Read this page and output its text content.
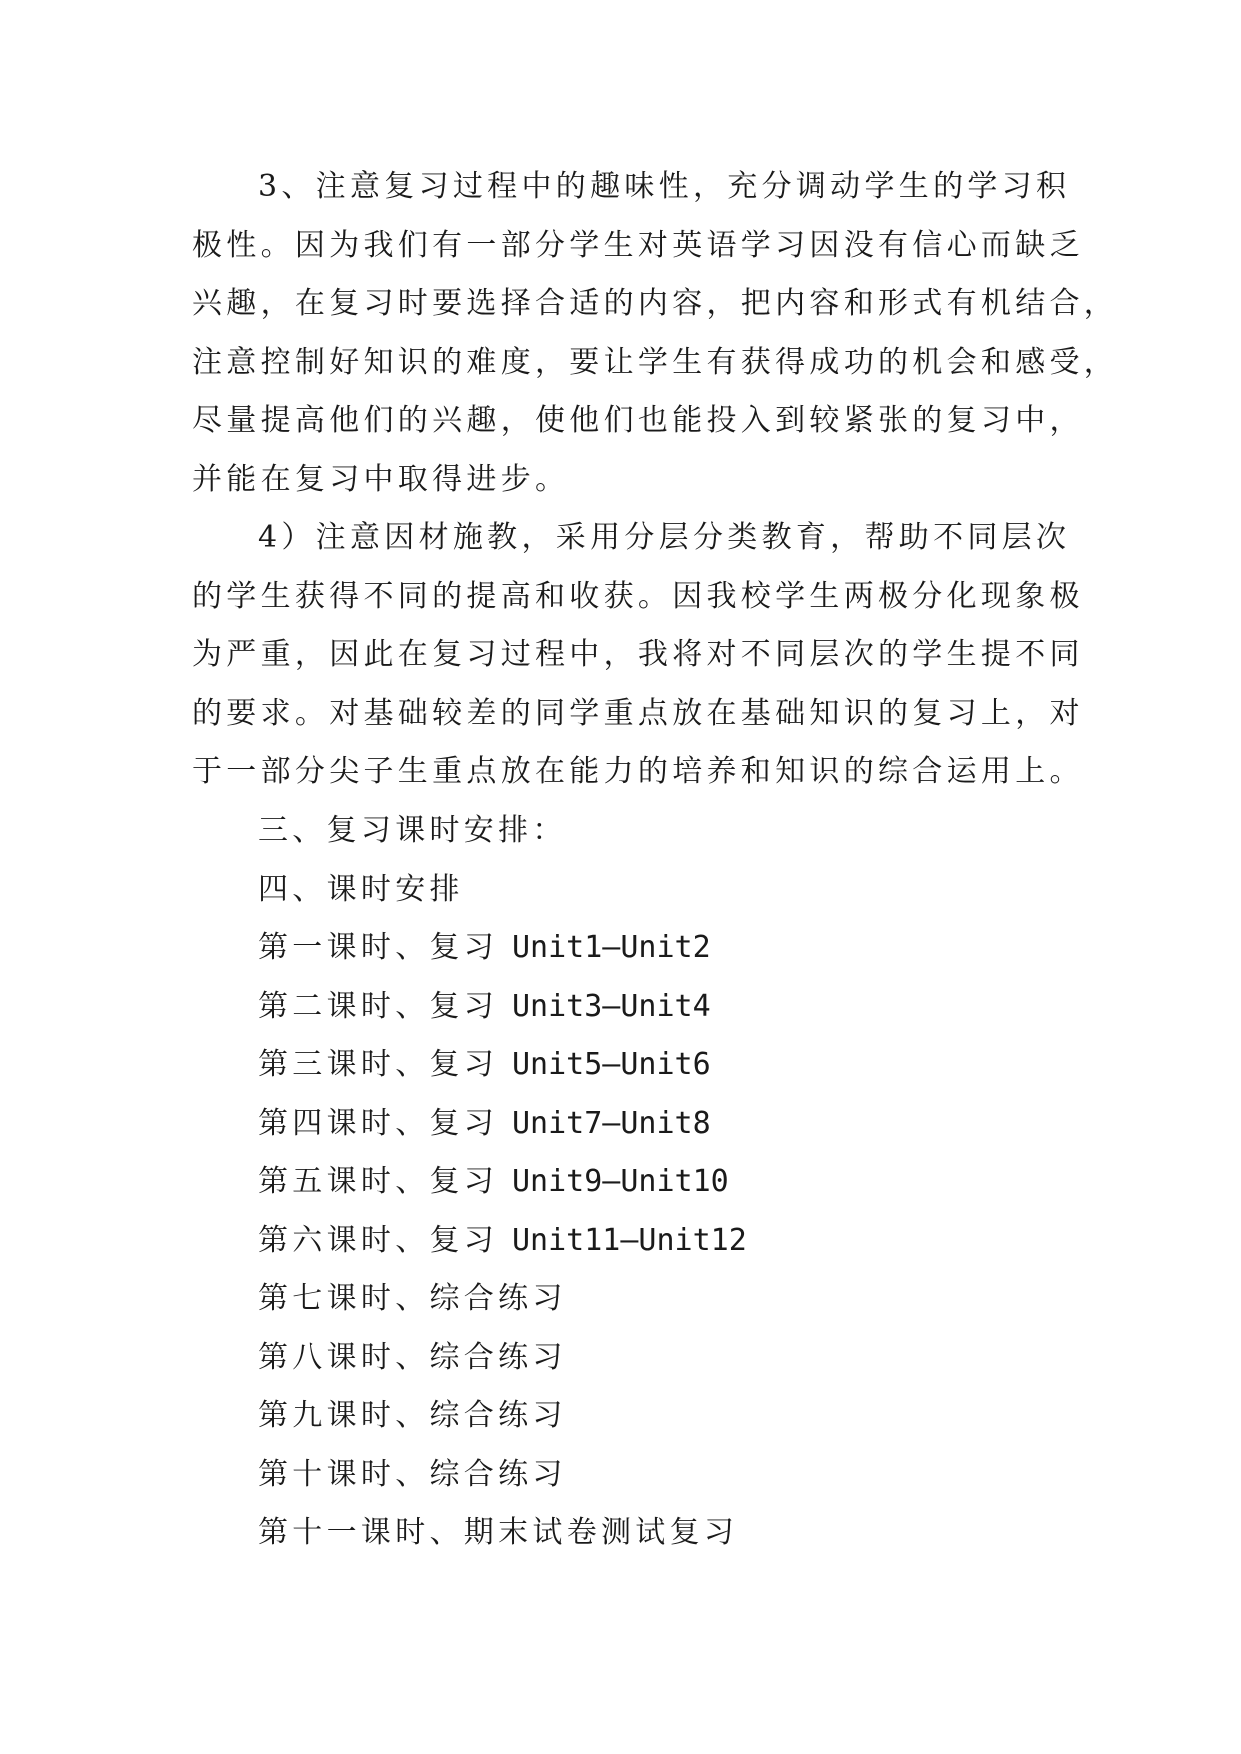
3、注意复习过程中的趣味性，充分调动学生的学习积
极性。因为我们有一部分学生对英语学习因没有信心而缺乏
兴趣，在复习时要选择合适的内容，把内容和形式有机结合，
注意控制好知识的难度，要让学生有获得成功的机会和感受，
尽量提高他们的兴趣，使他们也能投入到较紧张的复习中，
并能在复习中取得进步。
4）注意因材施教，采用分层分类教育，帮助不同层次
的学生获得不同的提高和收获。因我校学生两极分化现象极
为严重，因此在复习过程中，我将对不同层次的学生提不同
的要求。对基础较差的同学重点放在基础知识的复习上，对
于一部分尖子生重点放在能力的培养和知识的综合运用上。
三、复习课时安排：
四、课时安排
第一课时、复习 Unit1—Unit2
第二课时、复习 Unit3—Unit4
第三课时、复习 Unit5—Unit6
第四课时、复习 Unit7—Unit8
第五课时、复习 Unit9—Unit10
第六课时、复习 Unit11—Unit12
第七课时、综合练习
第八课时、综合练习
第九课时、综合练习
第十课时、综合练习
第十一课时、期末试卷测试复习
